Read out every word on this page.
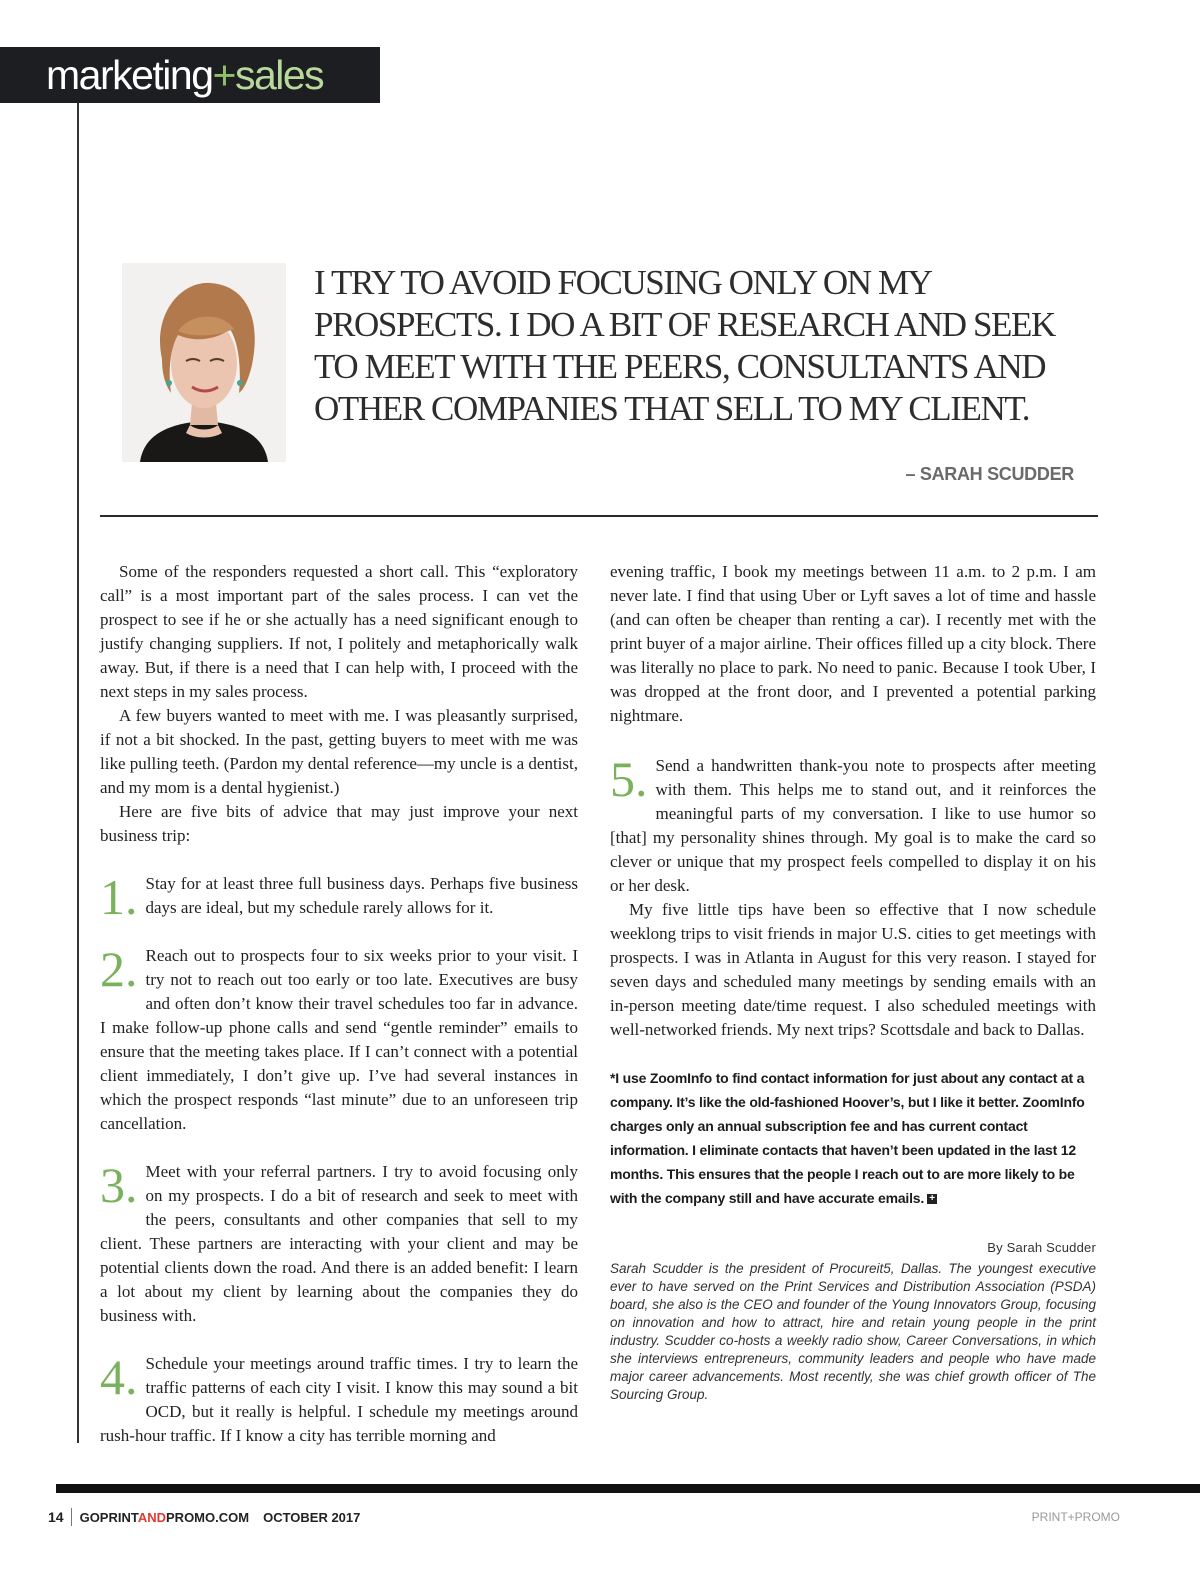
marketing+sales

I TRY TO AVOID FOCUSING ONLY ON MY PROSPECTS. I DO A BIT OF RESEARCH AND SEEK TO MEET WITH THE PEERS, CONSULTANTS AND OTHER COMPANIES THAT SELL TO MY CLIENT.

– SARAH SCUDDER

Some of the responders requested a short call. This “exploratory call” is a most important part of the sales process. I can vet the prospect to see if he or she actually has a need significant enough to justify changing suppliers. If not, I politely and metaphorically walk away. But, if there is a need that I can help with, I proceed with the next steps in my sales process.

A few buyers wanted to meet with me. I was pleasantly surprised, if not a bit shocked. In the past, getting buyers to meet with me was like pulling teeth. (Pardon my dental reference—my uncle is a dentist, and my mom is a dental hygienist.)

Here are five bits of advice that may just improve your next business trip:

1. Stay for at least three full business days. Perhaps five business days are ideal, but my schedule rarely allows for it.

2. Reach out to prospects four to six weeks prior to your visit. I try not to reach out too early or too late. Executives are busy and often don’t know their travel schedules too far in advance. I make follow-up phone calls and send “gentle reminder” emails to ensure that the meeting takes place. If I can’t connect with a potential client immediately, I don’t give up. I’ve had several instances in which the prospect responds “last minute” due to an unforeseen trip cancellation.

3. Meet with your referral partners. I try to avoid focusing only on my prospects. I do a bit of research and seek to meet with the peers, consultants and other companies that sell to my client. These partners are interacting with your client and may be potential clients down the road. And there is an added benefit: I learn a lot about my client by learning about the companies they do business with.

4. Schedule your meetings around traffic times. I try to learn the traffic patterns of each city I visit. I know this may sound a bit OCD, but it really is helpful. I schedule my meetings around rush-hour traffic. If I know a city has terrible morning and

evening traffic, I book my meetings between 11 a.m. to 2 p.m. I am never late. I find that using Uber or Lyft saves a lot of time and hassle (and can often be cheaper than renting a car). I recently met with the print buyer of a major airline. Their offices filled up a city block. There was literally no place to park. No need to panic. Because I took Uber, I was dropped at the front door, and I prevented a potential parking nightmare.

5. Send a handwritten thank-you note to prospects after meeting with them. This helps me to stand out, and it reinforces the meaningful parts of my conversation. I like to use humor so [that] my personality shines through. My goal is to make the card so clever or unique that my prospect feels compelled to display it on his or her desk.

My five little tips have been so effective that I now schedule weeklong trips to visit friends in major U.S. cities to get meetings with prospects. I was in Atlanta in August for this very reason. I stayed for seven days and scheduled many meetings by sending emails with an in-person meeting date/time request. I also scheduled meetings with well-networked friends. My next trips? Scottsdale and back to Dallas.

*I use ZoomInfo to find contact information for just about any contact at a company. It’s like the old-fashioned Hoover’s, but I like it better. ZoomInfo charges only an annual subscription fee and has current contact information. I eliminate contacts that haven’t been updated in the last 12 months. This ensures that the people I reach out to are more likely to be with the company still and have accurate emails. +
By Sarah Scudder

Sarah Scudder is the president of Procureit5, Dallas. The youngest executive ever to have served on the Print Services and Distribution Association (PSDA) board, she also is the CEO and founder of the Young Innovators Group, focusing on innovation and how to attract, hire and retain young people in the print industry. Scudder co-hosts a weekly radio show, Career Conversations, in which she interviews entrepreneurs, community leaders and people who have made major career advancements. Most recently, she was chief growth officer of The Sourcing Group.

14 GOPRINTANDPROMO.COM OCTOBER 2017	PRINT+PROMO
